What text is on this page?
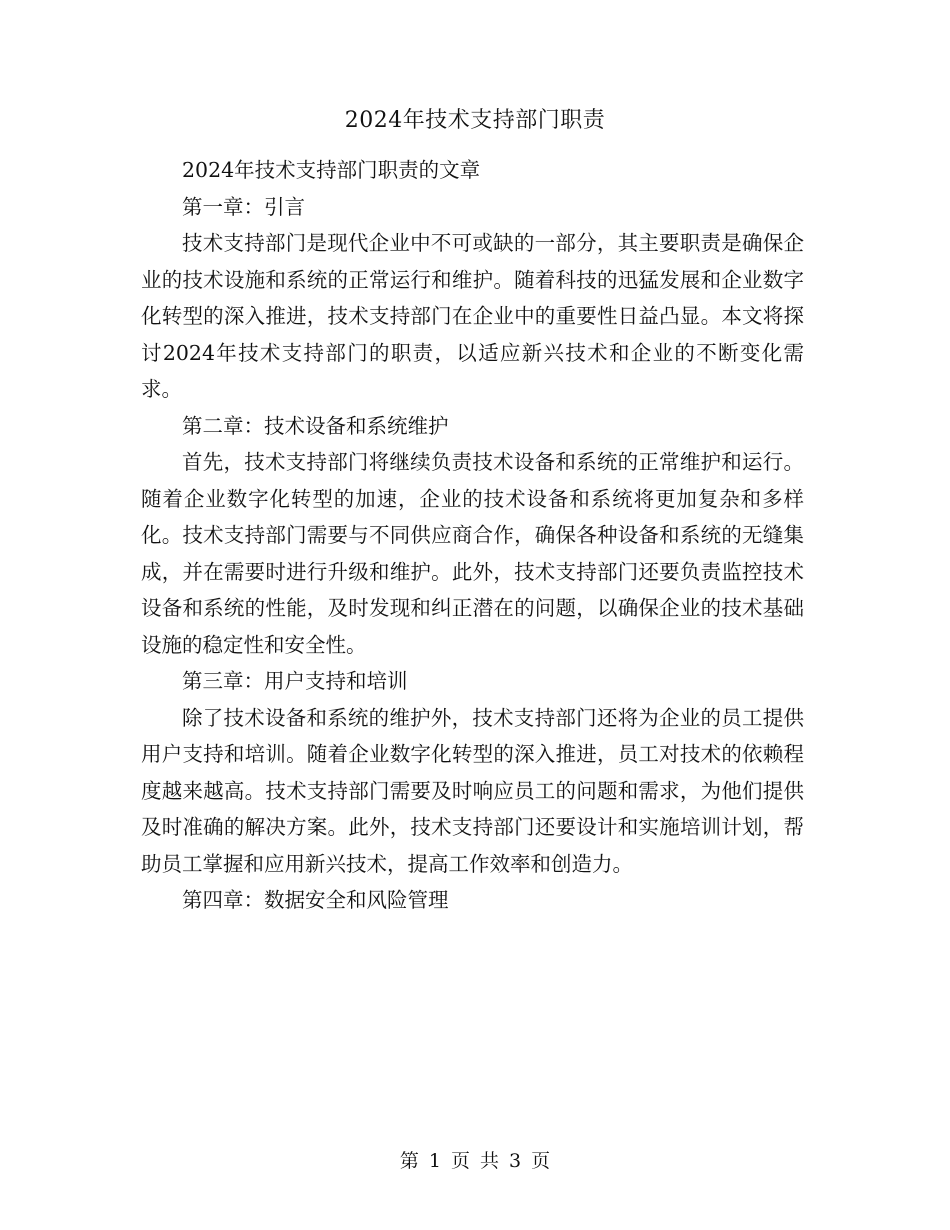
2024年技术支持部门职责

2024年技术支持部门职责的文章

第一章：引言

技术支持部门是现代企业中不可或缺的一部分，其主要职责是确保企业的技术设施和系统的正常运行和维护。随着科技的迅猛发展和企业数字化转型的深入推进，技术支持部门在企业中的重要性日益凸显。本文将探讨2024年技术支持部门的职责，以适应新兴技术和企业的不断变化需求。

第二章：技术设备和系统维护

首先，技术支持部门将继续负责技术设备和系统的正常维护和运行。随着企业数字化转型的加速，企业的技术设备和系统将更加复杂和多样化。技术支持部门需要与不同供应商合作，确保各种设备和系统的无缝集成，并在需要时进行升级和维护。此外，技术支持部门还要负责监控技术设备和系统的性能，及时发现和纠正潜在的问题，以确保企业的技术基础设施的稳定性和安全性。

第三章：用户支持和培训

除了技术设备和系统的维护外，技术支持部门还将为企业的员工提供用户支持和培训。随着企业数字化转型的深入推进，员工对技术的依赖程度越来越高。技术支持部门需要及时响应员工的问题和需求，为他们提供及时准确的解决方案。此外，技术支持部门还要设计和实施培训计划，帮助员工掌握和应用新兴技术，提高工作效率和创造力。

第四章：数据安全和风险管理

第 1 页 共 3 页
